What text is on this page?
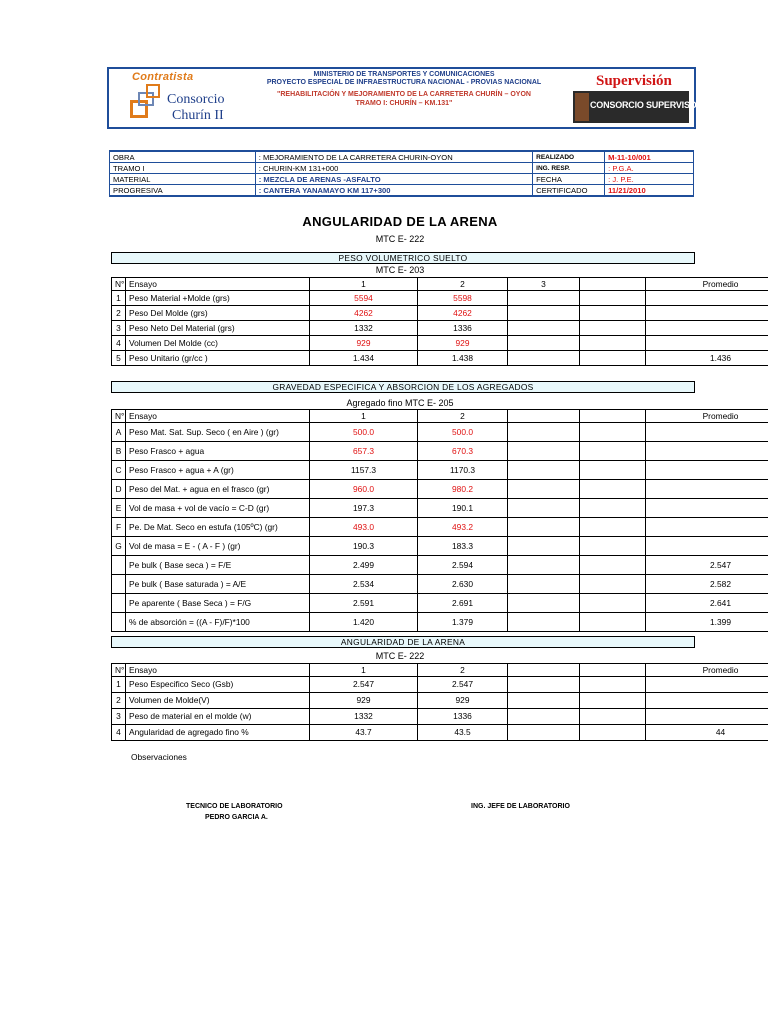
Contratista
Consorcio
Churín II
MINISTERIO DE TRANSPORTES Y COMUNICACIONES
PROYECTO ESPECIAL DE INFRAESTRUCTURA NACIONAL - PROVIAS NACIONAL
"REHABILITACIÓN Y MEJORAMIENTO DE LA CARRETERA CHURÍN – OYON
TRAMO I: CHURÍN – KM.131"
Supervisión
CONSORCIO SUPERVISOR CHURIN
OBRA	: MEJORAMIENTO DE LA CARRETERA CHURIN-OYON	REALIZADO	M-11-10/001
TRAMO I	: CHURIN-KM 131+000	ING. RESP.	: P.G.A.
MATERIAL	: MEZCLA DE ARENAS -ASFALTO	FECHA	: J. P.E.
PROGRESIVA	: CANTERA YANAMAYO KM 117+300	CERTIFICADO	11/21/2010
ANGULARIDAD DE LA ARENA
MTC E- 222
PESO VOLUMETRICO SUELTO
MTC E- 203
N°	Ensayo	1	2	3		Promedio
1	Peso Material +Molde (grs)	5594	5598			
2	Peso Del Molde (grs)	4262	4262			
3	Peso Neto Del Material (grs)	1332	1336			
4	Volumen Del Molde (cc)	929	929			
5	Peso Unitario (gr/cc )	1.434	1.438			1.436
GRAVEDAD ESPECIFICA Y ABSORCION DE LOS AGREGADOS
Agregado fino MTC E- 205
N°	Ensayo	1	2			Promedio
A	Peso Mat. Sat. Sup. Seco ( en Aire ) (gr)	500.0	500.0			
B	Peso Frasco + agua	657.3	670.3			
C	Peso Frasco + agua + A (gr)	1157.3	1170.3			
D	Peso del Mat. + agua en el frasco (gr)	960.0	980.2			
E	Vol de masa + vol de vacío = C-D (gr)	197.3	190.1			
F	Pe. De Mat. Seco en estufa (105ºC) (gr)	493.0	493.2			
G	Vol de masa = E - ( A - F ) (gr)	190.3	183.3			
	Pe bulk ( Base seca ) = F/E	2.499	2.594			2.547
	Pe bulk ( Base saturada ) = A/E	2.534	2.630			2.582
	Pe aparente ( Base Seca ) = F/G	2.591	2.691			2.641
	% de absorción = ((A - F)/F)*100	1.420	1.379			1.399
ANGULARIDAD DE LA ARENA
MTC E- 222
N°	Ensayo	1	2			Promedio
1	Peso Especifico Seco (Gsb)	2.547	2.547			
2	Volumen de Molde(V)	929	929			
3	Peso de material en el molde (w)	1332	1336			
4	Angularidad de agregado fino %	43.7	43.5			44
Observaciones
TECNICO DE LABORATORIO
PEDRO GARCIA A.
ING. JEFE DE LABORATORIO
